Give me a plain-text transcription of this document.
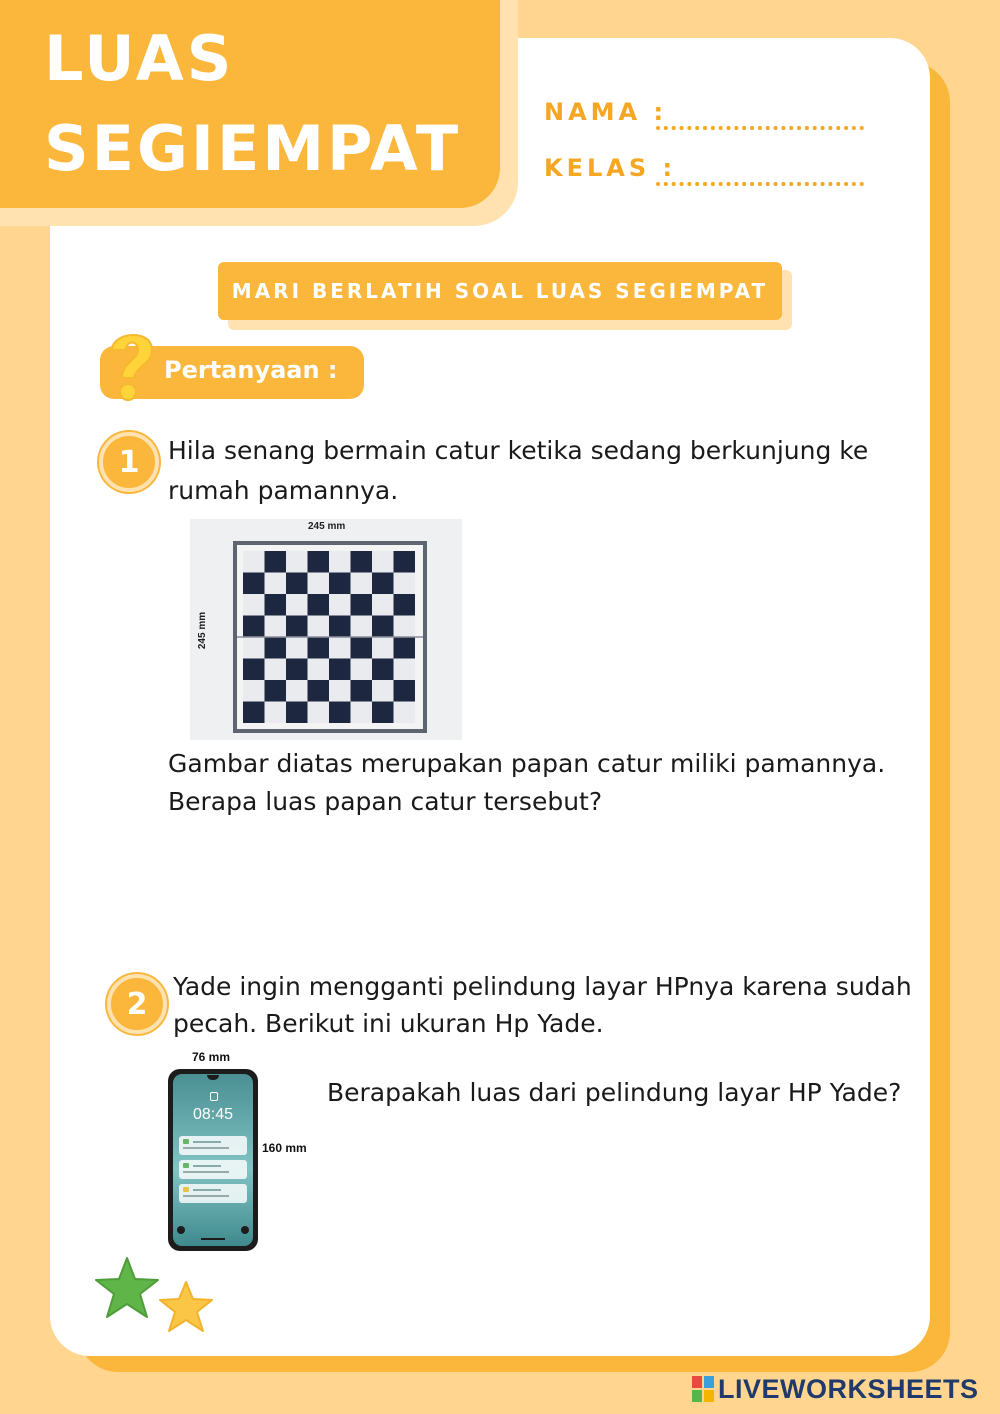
LUAS
SEGIEMPAT	NAMA :
KELAS :
MARI BERLATIH SOAL LUAS SEGIEMPAT
Pertanyaan :
1	Hila senang bermain catur ketika sedang berkunjung ke
rumah pamannya.
245 mm
245 mm
Gambar diatas merupakan papan catur miliki pamannya.
Berapa luas papan catur tersebut?
2	Yade ingin mengganti pelindung layar HPnya karena sudah
pecah. Berikut ini ukuran Hp Yade.
76 mm
160 mm
08:45
Berapakah luas dari pelindung layar HP Yade?
LIVEWORKSHEETS
